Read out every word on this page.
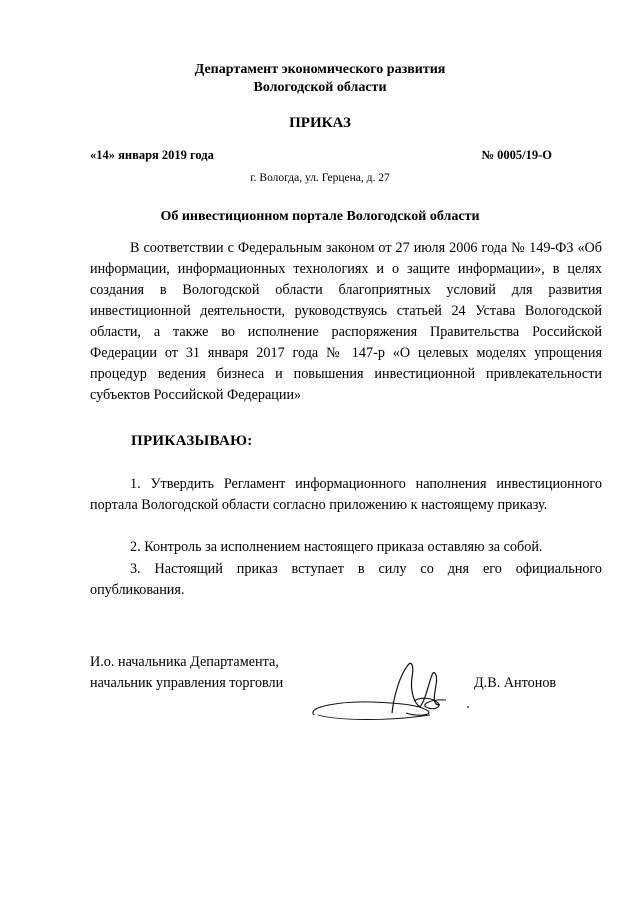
Департамент экономического развития
Вологодской области
ПРИКАЗ
«14» января 2019 года	№ 0005/19-О
г. Вологда, ул. Герцена, д. 27
Об инвестиционном портале Вологодской области
В соответствии с Федеральным законом от 27 июля 2006 года № 149-ФЗ «Об информации, информационных технологиях и о защите информации», в целях создания в Вологодской области благоприятных условий для развития инвестиционной деятельности, руководствуясь статьей 24 Устава Вологодской области, а также во исполнение распоряжения Правительства Российской Федерации от 31 января 2017 года № 147-р «О целевых моделях упрощения процедур ведения бизнеса и повышения инвестиционной привлекательности субъектов Российской Федерации»
ПРИКАЗЫВАЮ:
1. Утвердить Регламент информационного наполнения инвестиционного портала Вологодской области согласно приложению к настоящему приказу.
2. Контроль за исполнением настоящего приказа оставляю за собой.
3. Настоящий приказ вступает в силу со дня его официального опубликования.
И.о. начальника Департамента,
начальник управления торговли	Д.В. Антонов
